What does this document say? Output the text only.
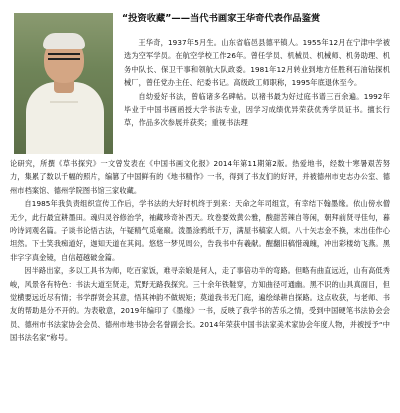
“投资收藏”——当代书画家王华奇代表作品鉴赏

王华奇，1937年5月生。山东省临邑县德平镇人。1955年12月在宁津中学被选为空军学员。在航空学校工作26年。曾任学员、机械员、机械师、机务助理、机务中队长、保卫干事和领航大队政委。1981年12月转业到地方任胜利石油钻探机械厂，曾任党办主任、纪委书记。高级政工师职称，1995年底退休至今。

自幼爱好书法，曾临诸多名碑帖。以褚书最为好过庭书谱三百余遍。1992年毕业于中国书画函授大学书法专业，因学习成绩优异荣获优秀学员证书。擅长行草，作品多次参展并获奖；重视书法理

论研究，所撰《草书探究》一文曾发表在《中国书画文化报》2014年第11期第2版。热爱地书，经数十寒暑艰苦努力，集累了数以千幅的照片，编篡了中国鲜有的《地书精作》一书，得到了书友们的好评，并被德州市史志办公室、德州市档案馆、德州学院图书馆三家收藏。

自1985年我负责组织宣传工作后，学书法的大好时机终于到来：天命之年司组宣，有幸结下翰墨缘。依山傍水僧无少，此行最宜耕墨田。魂归灵谷修治学，袖藏珍奇补西天。玫卷要效黄公雅，酸甜苦辣自等闲，朝拜前贤寻佳句，暮吟诗词观名篇。子谈书论悟古法，午疑精气觅毫巅。泼墨涂鸦纸千万，满屋书稿家人烦。八十矢志金不换，末出佳作心坦然。下士笑我痴道好，迦知天道在其间。悠悠一梦见周公，告我书中有羲献。醒翻旧稿惜魂魄，冲出彩楼幼飞燕。黑非字字真金镜，自信超越破金篇。

因半路出家，多以工具书为师，吃百家饭，难寻亲娘是何人，走了事倍功半的弯路。但略有曲直远近，山有高低秀峻，风景各有特色：书法大道至贤走，荒野无路我探究。三十余年铁鞋穿，方知曲径可通幽。黑不识的山具真面目，但觉横要远近尽有情；书学群贤会其意，悟其神韵不做规矩；莫道我书无门庭，遍绘绿耕自探路。这点收获，与老师、书友的帮助是分不开的。为表敬意，2019年编印了《墨缘》一书，反映了我学书的苦乐之情，受到中国硬笔书法协会会员、德州市书法家协会会员、德州市地书协会名誉副会长。2014年荣获中国书法家美术家协会年度人物，并被授予“中国书法名家”称号。
